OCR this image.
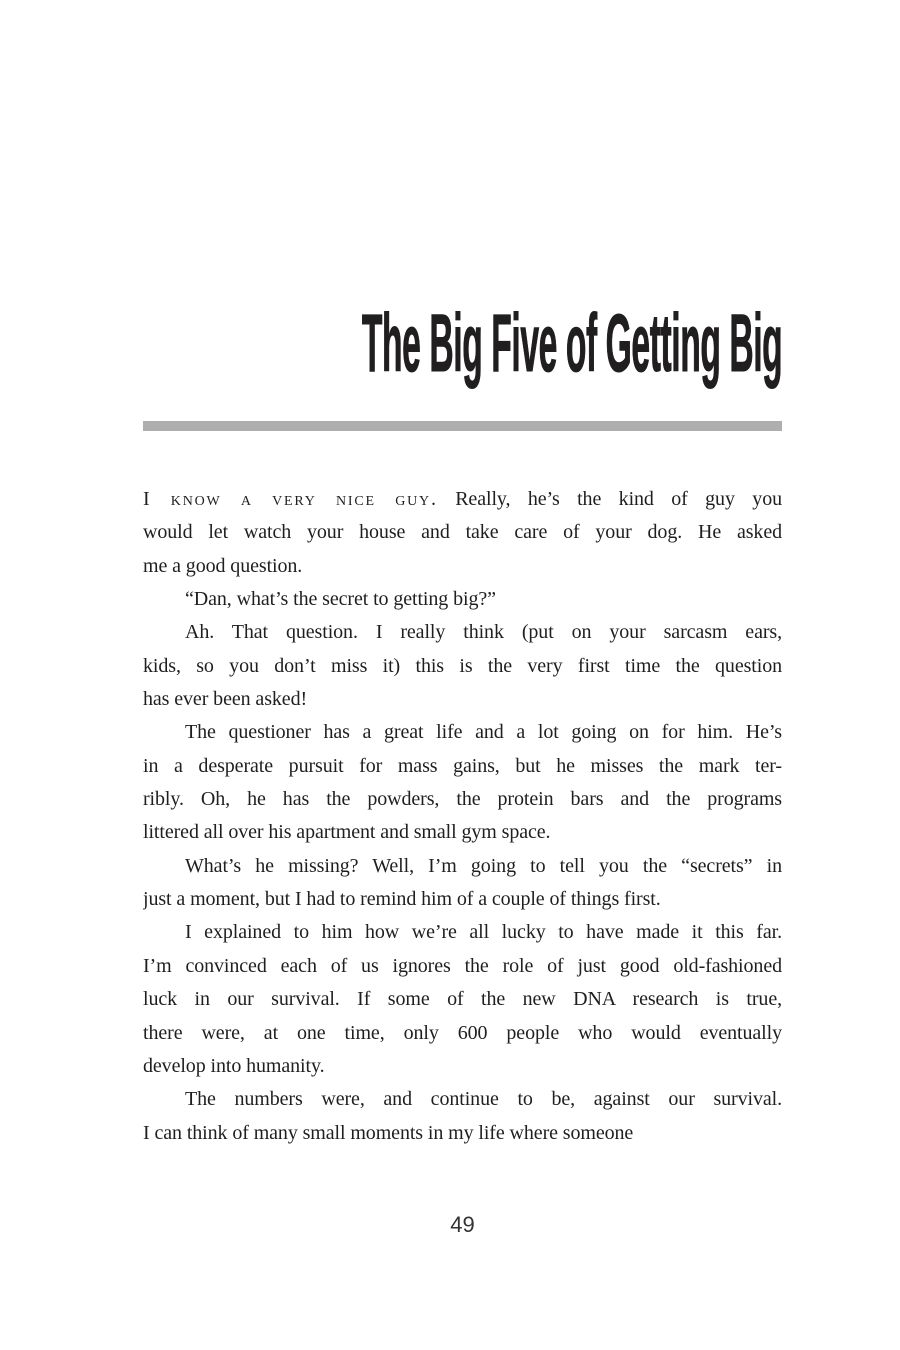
The Big Five of Getting Big
I know a very nice guy. Really, he’s the kind of guy you
would let watch your house and take care of your dog. He asked
me a good question.
“Dan, what’s the secret to getting big?”
Ah. That question. I really think (put on your sarcasm ears,
kids, so you don’t miss it) this is the very first time the question
has ever been asked!
The questioner has a great life and a lot going on for him. He’s
in a desperate pursuit for mass gains, but he misses the mark ter-
ribly. Oh, he has the powders, the protein bars and the programs
littered all over his apartment and small gym space.
What’s he missing? Well, I’m going to tell you the “secrets” in
just a moment, but I had to remind him of a couple of things first.
I explained to him how we’re all lucky to have made it this far.
I’m convinced each of us ignores the role of just good old-fashioned
luck in our survival. If some of the new DNA research is true,
there were, at one time, only 600 people who would eventually
develop into humanity.
The numbers were, and continue to be, against our survival.
I can think of many small moments in my life where someone
49
